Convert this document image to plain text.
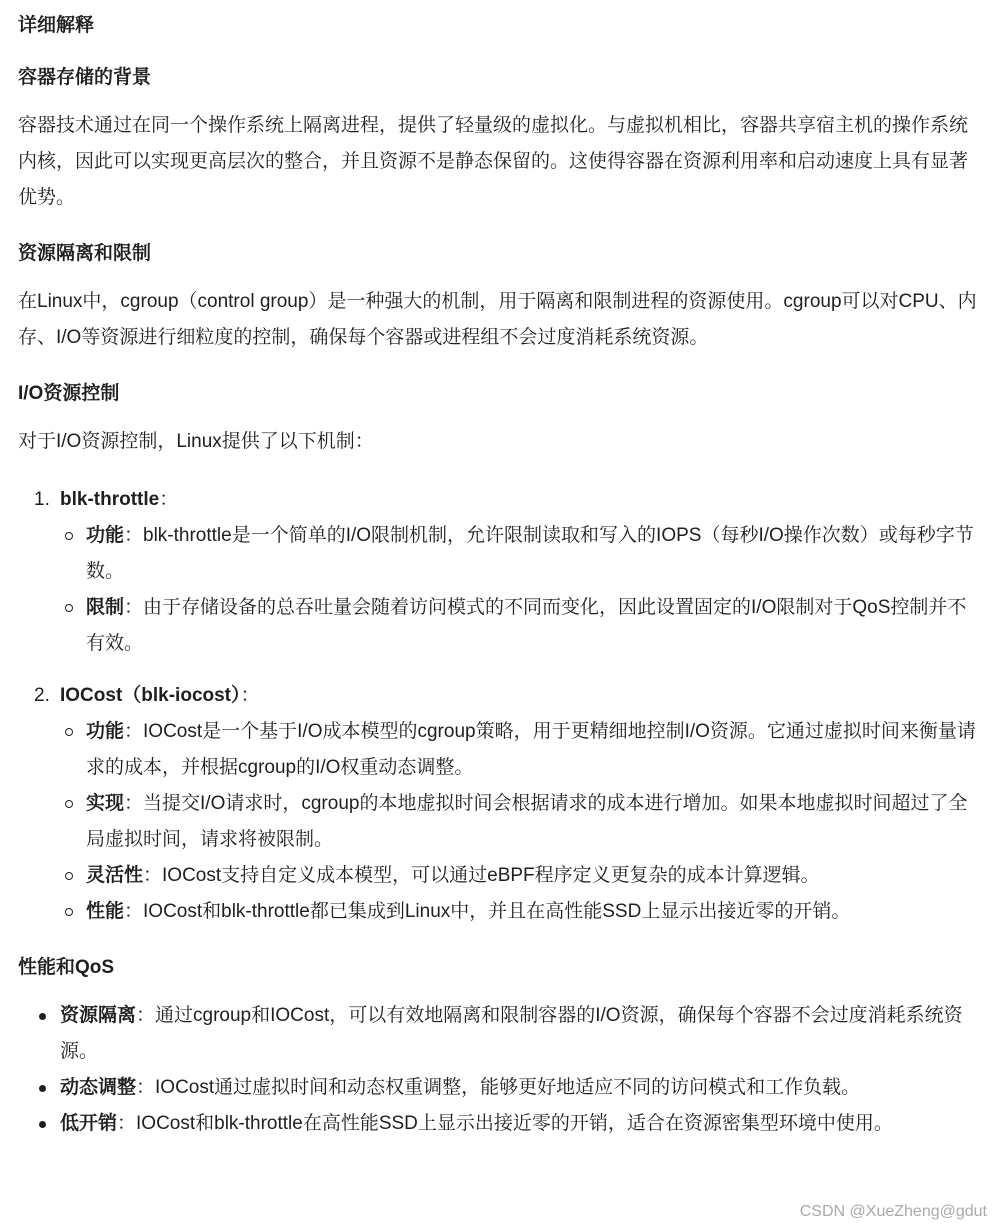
详细解释
容器存储的背景

容器技术通过在同一个操作系统上隔离进程，提供了轻量级的虚拟化。与虚拟机相比，容器共享宿主机的操作系统内核，因此可以实现更高层次的整合，并且资源不是静态保留的。这使得容器在资源利用率和启动速度上具有显著优势。

资源隔离和限制

在Linux中，cgroup（control group）是一种强大的机制，用于隔离和限制进程的资源使用。cgroup可以对CPU、内存、I/O等资源进行细粒度的控制，确保每个容器或进程组不会过度消耗系统资源。

I/O资源控制

对于I/O资源控制，Linux提供了以下机制：

1. blk-throttle：
功能：blk-throttle是一个简单的I/O限制机制，允许限制读取和写入的IOPS（每秒I/O操作次数）或每秒字节数。
限制：由于存储设备的总吞吐量会随着访问模式的不同而变化，因此设置固定的I/O限制对于QoS控制并不有效。
2. IOCost（blk-iocost）：
功能：IOCost是一个基于I/O成本模型的cgroup策略，用于更精细地控制I/O资源。它通过虚拟时间来衡量请求的成本，并根据cgroup的I/O权重动态调整。
实现：当提交I/O请求时，cgroup的本地虚拟时间会根据请求的成本进行增加。如果本地虚拟时间超过了全局虚拟时间，请求将被限制。
灵活性：IOCost支持自定义成本模型，可以通过eBPF程序定义更复杂的成本计算逻辑。
性能：IOCost和blk-throttle都已集成到Linux中，并且在高性能SSD上显示出接近零的开销。
性能和QoS
资源隔离：通过cgroup和IOCost，可以有效地隔离和限制容器的I/O资源，确保每个容器不会过度消耗系统资源。
动态调整：IOCost通过虚拟时间和动态权重调整，能够更好地适应不同的访问模式和工作负载。
低开销：IOCost和blk-throttle在高性能SSD上显示出接近零的开销，适合在资源密集型环境中使用。
CSDN @XueZheng@gdut
